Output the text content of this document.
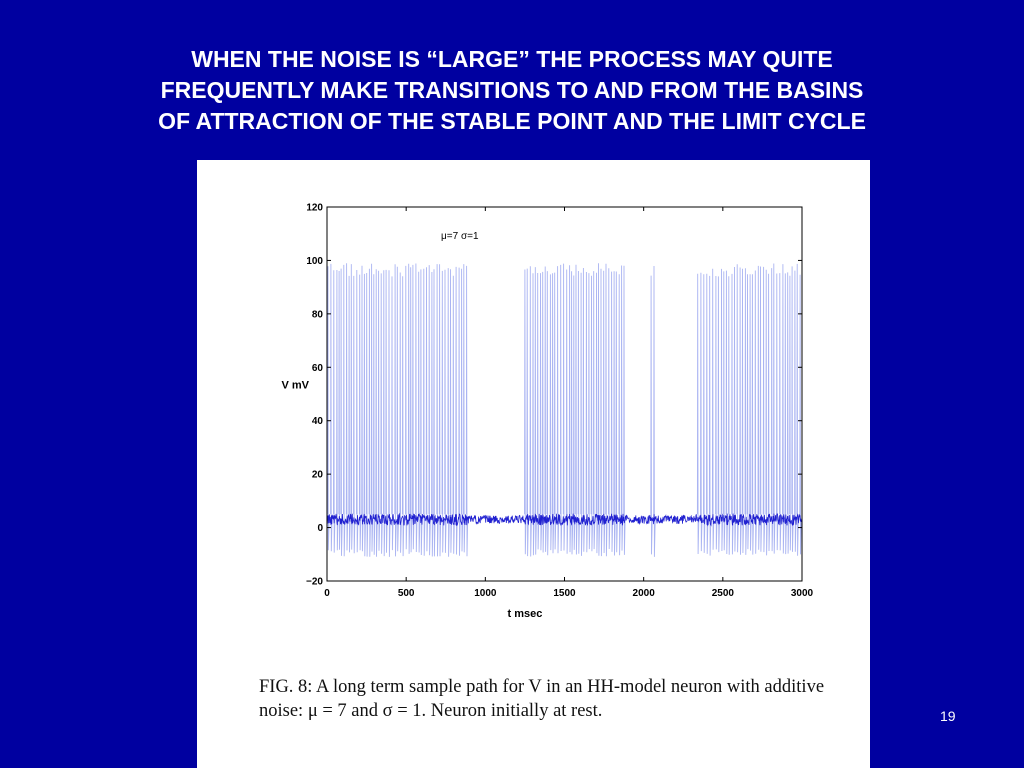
WHEN THE NOISE IS “LARGE” THE PROCESS MAY QUITE
FREQUENTLY MAKE TRANSITIONS TO AND FROM THE BASINS
OF ATTRACTION OF THE STABLE POINT AND THE LIMIT CYCLE
0	500	1000	1500	2000	2500	3000
−20
0
20
40
60
80
100
120
μ=7 σ=1
t msec
V mV
FIG. 8: A long term sample path for V in an HH-model neuron with additive noise: μ = 7 and σ = 1. Neuron initially at rest.	19
